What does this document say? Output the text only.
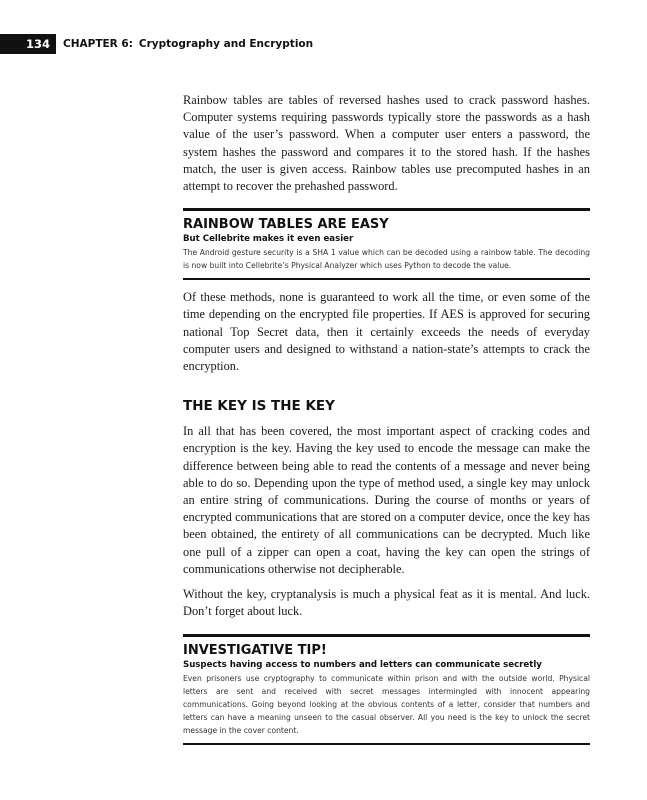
134	CHAPTER 6: Cryptography and Encryption

Rainbow tables are tables of reversed hashes used to crack password hashes. Computer systems requiring passwords typically store the passwords as a hash value of the user’s password. When a computer user enters a password, the system hashes the password and compares it to the stored hash. If the hashes match, the user is given access. Rainbow tables use precomputed hashes in an attempt to recover the prehashed password.

RAINBOW TABLES ARE EASY
But Cellebrite makes it even easier

The Android gesture security is a SHA 1 value which can be decoded using a rainbow table. The decoding is now built into Cellebrite’s Physical Analyzer which uses Python to decode the value.

Of these methods, none is guaranteed to work all the time, or even some of the time depending on the encrypted file properties. If AES is approved for securing national Top Secret data, then it certainly exceeds the needs of everyday computer users and designed to withstand a nation-state’s attempts to crack the encryption.

THE KEY IS THE KEY

In all that has been covered, the most important aspect of cracking codes and encryption is the key. Having the key used to encode the message can make the difference between being able to read the contents of a message and never being able to do so. Depending upon the type of method used, a single key may unlock an entire string of communications. During the course of months or years of encrypted communications that are stored on a computer device, once the key has been obtained, the entirety of all communications can be decrypted. Much like one pull of a zipper can open a coat, having the key can open the strings of communications otherwise not decipherable.

Without the key, cryptanalysis is much a physical feat as it is mental. And luck. Don’t forget about luck.

INVESTIGATIVE TIP!
Suspects having access to numbers and letters can communicate secretly

Even prisoners use cryptography to communicate within prison and with the outside world. Physical letters are sent and received with secret messages intermingled with innocent appearing communications. Going beyond looking at the obvious contents of a letter, consider that numbers and letters can have a meaning unseen to the casual observer. All you need is the key to unlock the secret message in the cover content.
